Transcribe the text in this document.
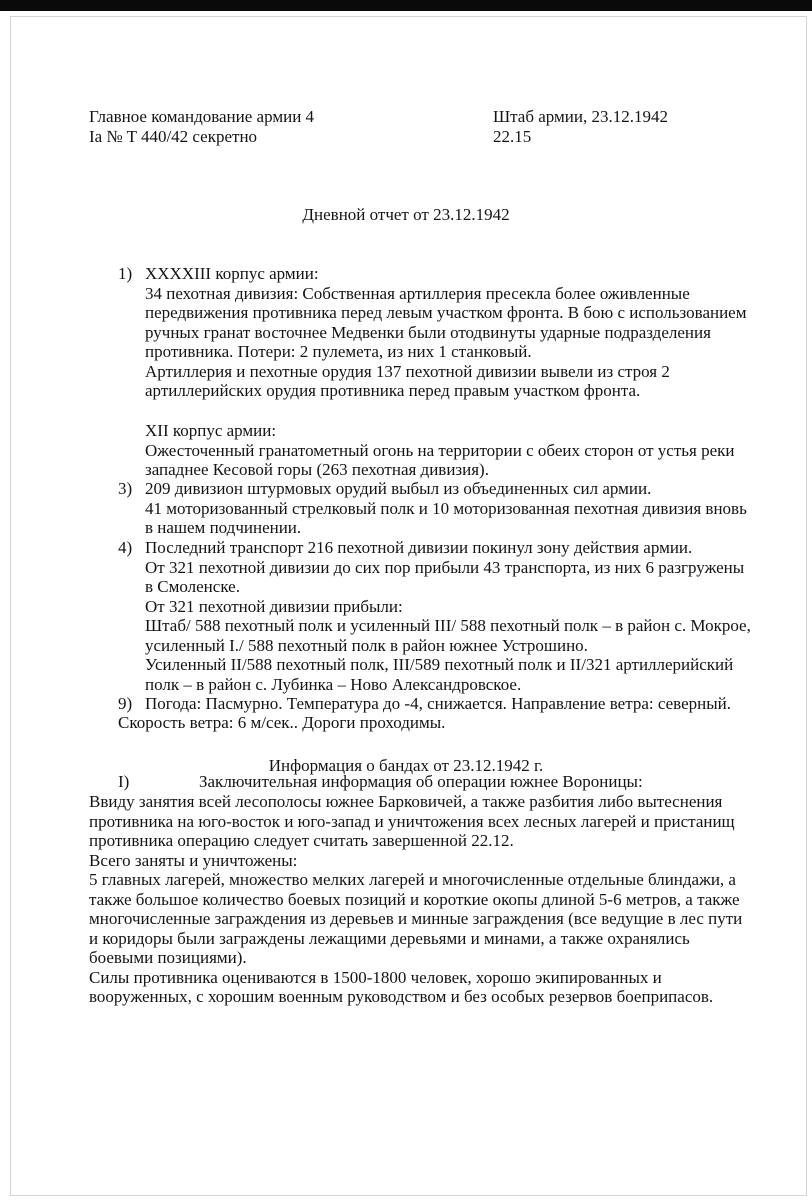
Главное командование армии 4
Ia № T 440/42 секретно
Штаб армии, 23.12.1942
22.15
Дневной отчет от 23.12.1942
1) XXXXIII корпус армии:
34 пехотная дивизия: Собственная артиллерия пресекла более оживленные
передвижения противника перед левым участком фронта. В бою с использованием
ручных гранат восточнее Медвенки были отодвинуты ударные подразделения
противника. Потери: 2 пулемета, из них 1 станковый.
Артиллерия и пехотные орудия 137 пехотной дивизии вывели из строя 2
артиллерийских орудия противника перед правым участком фронта.
XII корпус армии:
Ожесточенный гранатометный огонь на территории с обеих сторон от устья реки
западнее Кесовой горы (263 пехотная дивизия).
3) 209 дивизион штурмовых орудий выбыл из объединенных сил армии.
41 моторизованный стрелковый полк и 10 моторизованная пехотная дивизия вновь
в нашем подчинении.
4) Последний транспорт 216 пехотной дивизии покинул зону действия армии.
От 321 пехотной дивизии до сих пор прибыли 43 транспорта, из них 6 разгружены
в Смоленске.
От 321 пехотной дивизии прибыли:
Штаб/ 588 пехотный полк и усиленный III/ 588 пехотный полк – в район с. Мокрое,
усиленный I./ 588 пехотный полк в район южнее Устрошино.
Усиленный II/588 пехотный полк, III/589 пехотный полк и II/321 артиллерийский
полк – в район с. Лубинка – Ново Александровское.
9) Погода: Пасмурно. Температура до -4, снижается. Направление ветра: северный.
Скорость ветра: 6 м/сек.. Дороги проходимы.
Информация о бандах от 23.12.1942 г.
I)	Заключительная информация об операции южнее Вороницы:
Ввиду занятия всей лесополосы южнее Барковичей, а также разбития либо вытеснения
противника на юго-восток и юго-запад и уничтожения всех лесных лагерей и пристанищ
противника операцию следует считать завершенной 22.12.
Всего заняты и уничтожены:
5 главных лагерей, множество мелких лагерей и многочисленные отдельные блиндажи, а
также большое количество боевых позиций и короткие окопы длиной 5-6 метров, а также
многочисленные заграждения из деревьев и минные заграждения (все ведущие в лес пути
и коридоры были заграждены лежащими деревьями и минами, а также охранялись
боевыми позициями).
Силы противника оцениваются в 1500-1800 человек, хорошо экипированных и
вооруженных, с хорошим военным руководством и без особых резервов боеприпасов.
